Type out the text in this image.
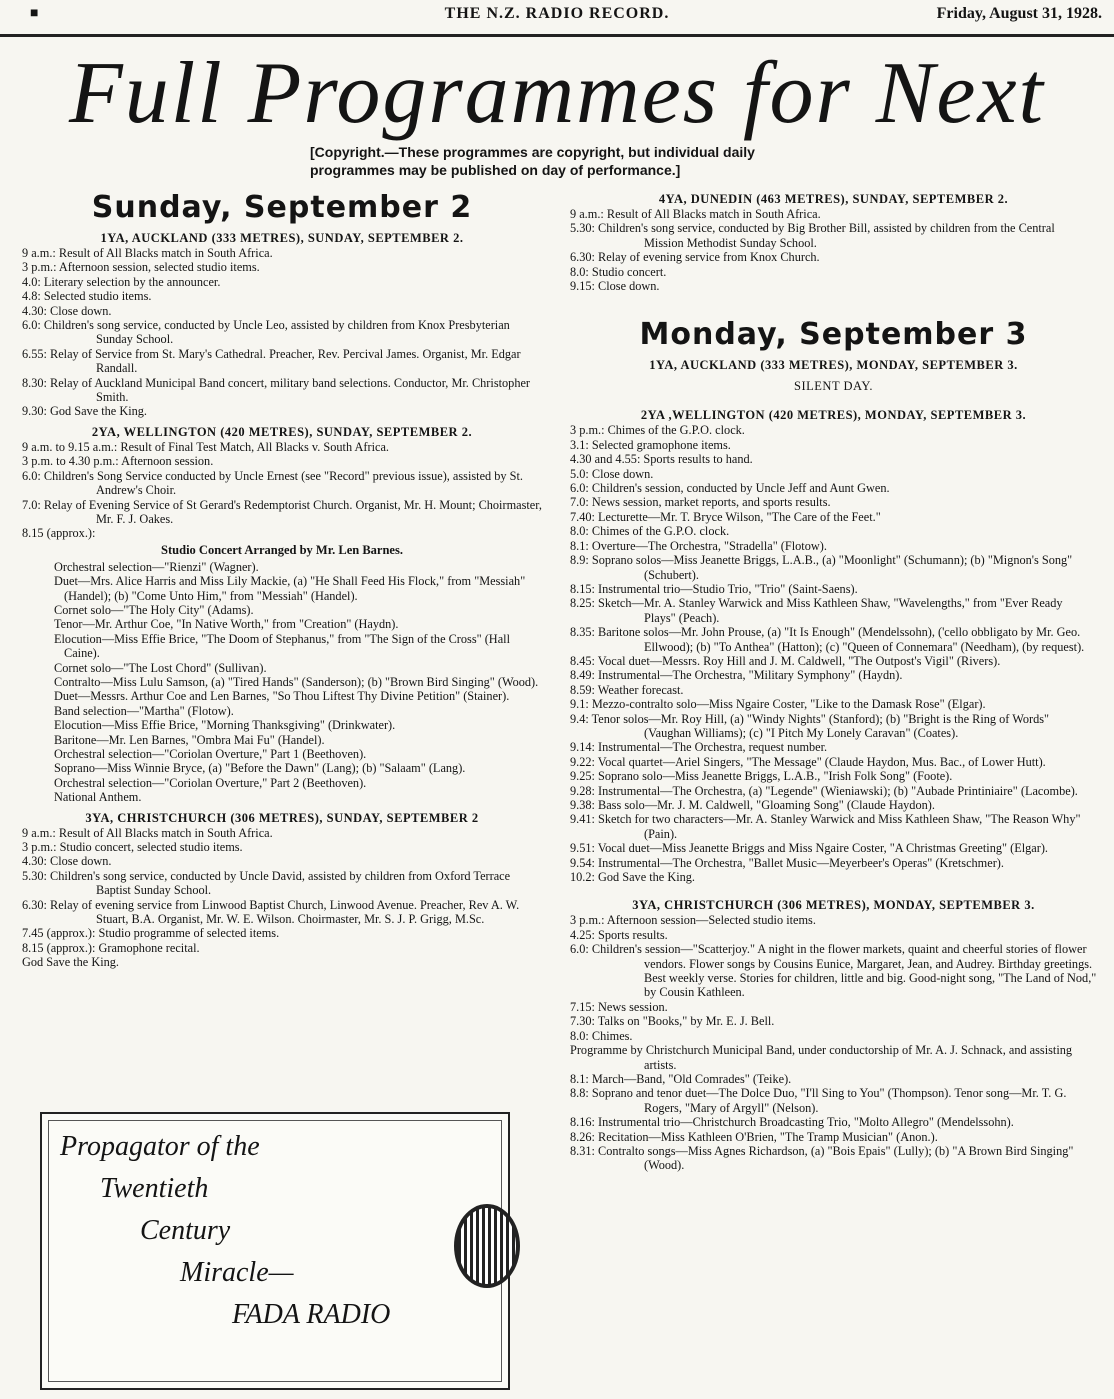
■	THE N.Z. RADIO RECORD.	Friday, August 31, 1928.
Full Programmes for Next
[Copyright.—These programmes are copyright, but individual daily programmes may be published on day of performance.]
Sunday, September 2
1YA, AUCKLAND (333 METRES), SUNDAY, SEPTEMBER 2.
9 a.m.: Result of All Blacks match in South Africa.
3 p.m.: Afternoon session, selected studio items.
4.0: Literary selection by the announcer.
4.8: Selected studio items.
4.30: Close down.
6.0: Children's song service, conducted by Uncle Leo, assisted by children from Knox Presbyterian Sunday School.
6.55: Relay of Service from St. Mary's Cathedral. Preacher, Rev. Percival James. Organist, Mr. Edgar Randall.
8.30: Relay of Auckland Municipal Band concert, military band selections. Conductor, Mr. Christopher Smith.
9.30: God Save the King.
2YA, WELLINGTON (420 METRES), SUNDAY, SEPTEMBER 2.
9 a.m. to 9.15 a.m.: Result of Final Test Match, All Blacks v. South Africa.
3 p.m. to 4.30 p.m.: Afternoon session.
6.0: Children's Song Service conducted by Uncle Ernest (see "Record" previous issue), assisted by St. Andrew's Choir.
7.0: Relay of Evening Service of St Gerard's Redemptorist Church. Organist, Mr. H. Mount; Choirmaster, Mr. F. J. Oakes.
8.15 (approx.):
Studio Concert Arranged by Mr. Len Barnes.
Orchestral selection—"Rienzi" (Wagner).
Duet—Mrs. Alice Harris and Miss Lily Mackie, (a) "He Shall Feed His Flock," from "Messiah" (Handel); (b) "Come Unto Him," from "Messiah" (Handel).
Cornet solo—"The Holy City" (Adams).
Tenor—Mr. Arthur Coe, "In Native Worth," from "Creation" (Haydn).
Elocution—Miss Effie Brice, "The Doom of Stephanus," from "The Sign of the Cross" (Hall Caine).
Cornet solo—"The Lost Chord" (Sullivan).
Contralto—Miss Lulu Samson, (a) "Tired Hands" (Sanderson); (b) "Brown Bird Singing" (Wood).
Duet—Messrs. Arthur Coe and Len Barnes, "So Thou Liftest Thy Divine Petition" (Stainer).
Band selection—"Martha" (Flotow).
Elocution—Miss Effie Brice, "Morning Thanksgiving" (Drinkwater).
Baritone—Mr. Len Barnes, "Ombra Mai Fu" (Handel).
Orchestral selection—"Coriolan Overture," Part 1 (Beethoven).
Soprano—Miss Winnie Bryce, (a) "Before the Dawn" (Lang); (b) "Salaam" (Lang).
Orchestral selection—"Coriolan Overture," Part 2 (Beethoven).
National Anthem.
3YA, CHRISTCHURCH (306 METRES), SUNDAY, SEPTEMBER 2
9 a.m.: Result of All Blacks match in South Africa.
3 p.m.: Studio concert, selected studio items.
4.30: Close down.
5.30: Children's song service, conducted by Uncle David, assisted by children from Oxford Terrace Baptist Sunday School.
6.30: Relay of evening service from Linwood Baptist Church, Linwood Avenue. Preacher, Rev A. W. Stuart, B.A. Organist, Mr. W. E. Wilson. Choirmaster, Mr. S. J. P. Grigg, M.Sc.
7.45 (approx.): Studio programme of selected items.
8.15 (approx.): Gramophone recital.
God Save the King.
Propagator of the
Twentieth
Century
Miracle—
FADA RADIO
4YA, DUNEDIN (463 METRES), SUNDAY, SEPTEMBER 2.
9 a.m.: Result of All Blacks match in South Africa.
5.30: Children's song service, conducted by Big Brother Bill, assisted by children from the Central Mission Methodist Sunday School.
6.30: Relay of evening service from Knox Church.
8.0: Studio concert.
9.15: Close down.
Monday, September 3
1YA, AUCKLAND (333 METRES), MONDAY, SEPTEMBER 3.
SILENT DAY.
2YA ,WELLINGTON (420 METRES), MONDAY, SEPTEMBER 3.
3 p.m.: Chimes of the G.P.O. clock.
3.1: Selected gramophone items.
4.30 and 4.55: Sports results to hand.
5.0: Close down.
6.0: Children's session, conducted by Uncle Jeff and Aunt Gwen.
7.0: News session, market reports, and sports results.
7.40: Lecturette—Mr. T. Bryce Wilson, "The Care of the Feet."
8.0: Chimes of the G.P.O. clock.
8.1: Overture—The Orchestra, "Stradella" (Flotow).
8.9: Soprano solos—Miss Jeanette Briggs, L.A.B., (a) "Moonlight" (Schumann); (b) "Mignon's Song" (Schubert).
8.15: Instrumental trio—Studio Trio, "Trio" (Saint-Saens).
8.25: Sketch—Mr. A. Stanley Warwick and Miss Kathleen Shaw, "Wavelengths," from "Ever Ready Plays" (Peach).
8.35: Baritone solos—Mr. John Prouse, (a) "It Is Enough" (Mendelssohn), ('cello obbligato by Mr. Geo. Ellwood); (b) "To Anthea" (Hatton); (c) "Queen of Connemara" (Needham), (by request).
8.45: Vocal duet—Messrs. Roy Hill and J. M. Caldwell, "The Outpost's Vigil" (Rivers).
8.49: Instrumental—The Orchestra, "Military Symphony" (Haydn).
8.59: Weather forecast.
9.1: Mezzo-contralto solo—Miss Ngaire Coster, "Like to the Damask Rose" (Elgar).
9.4: Tenor solos—Mr. Roy Hill, (a) "Windy Nights" (Stanford); (b) "Bright is the Ring of Words" (Vaughan Williams); (c) "I Pitch My Lonely Caravan" (Coates).
9.14: Instrumental—The Orchestra, request number.
9.22: Vocal quartet—Ariel Singers, "The Message" (Claude Haydon, Mus. Bac., of Lower Hutt).
9.25: Soprano solo—Miss Jeanette Briggs, L.A.B., "Irish Folk Song" (Foote).
9.28: Instrumental—The Orchestra, (a) "Legende" (Wieniawski); (b) "Aubade Printiniaire" (Lacombe).
9.38: Bass solo—Mr. J. M. Caldwell, "Gloaming Song" (Claude Haydon).
9.41: Sketch for two characters—Mr. A. Stanley Warwick and Miss Kathleen Shaw, "The Reason Why" (Pain).
9.51: Vocal duet—Miss Jeanette Briggs and Miss Ngaire Coster, "A Christmas Greeting" (Elgar).
9.54: Instrumental—The Orchestra, "Ballet Music—Meyerbeer's Operas" (Kretschmer).
10.2: God Save the King.
3YA, CHRISTCHURCH (306 METRES), MONDAY, SEPTEMBER 3.
3 p.m.: Afternoon session—Selected studio items.
4.25: Sports results.
6.0: Children's session—"Scatterjoy." A night in the flower markets, quaint and cheerful stories of flower vendors. Flower songs by Cousins Eunice, Margaret, Jean, and Audrey. Birthday greetings. Best weekly verse. Stories for children, little and big. Good-night song, "The Land of Nod," by Cousin Kathleen.
7.15: News session.
7.30: Talks on "Books," by Mr. E. J. Bell.
8.0: Chimes.
Programme by Christchurch Municipal Band, under conductorship of Mr. A. J. Schnack, and assisting artists.
8.1: March—Band, "Old Comrades" (Teike).
8.8: Soprano and tenor duet—The Dolce Duo, "I'll Sing to You" (Thompson). Tenor song—Mr. T. G. Rogers, "Mary of Argyll" (Nelson).
8.16: Instrumental trio—Christchurch Broadcasting Trio, "Molto Allegro" (Mendelssohn).
8.26: Recitation—Miss Kathleen O'Brien, "The Tramp Musician" (Anon.).
8.31: Contralto songs—Miss Agnes Richardson, (a) "Bois Epais" (Lully); (b) "A Brown Bird Singing" (Wood).
